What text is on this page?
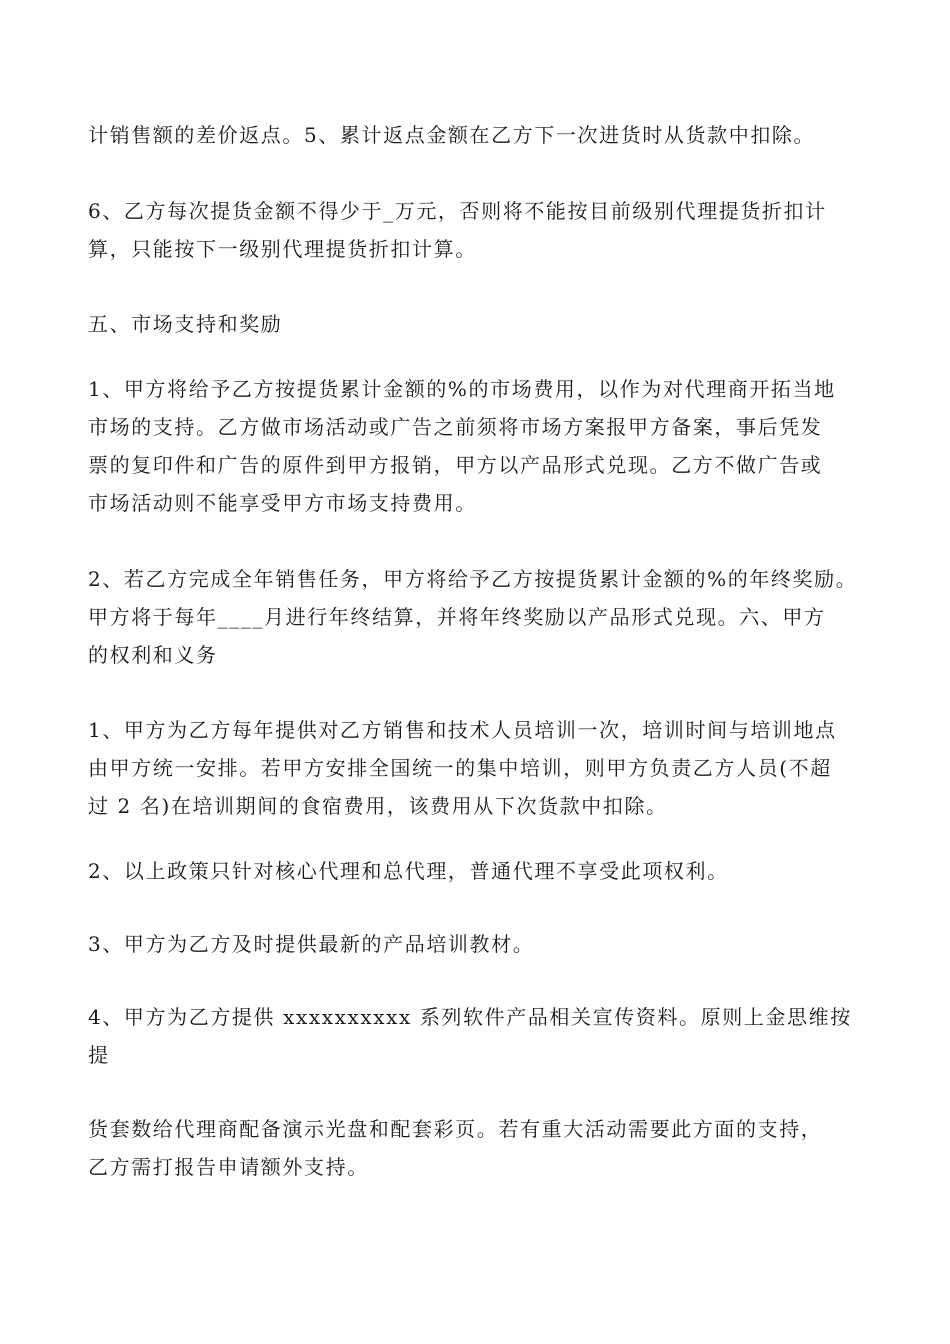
计销售额的差价返点。5、累计返点金额在乙方下一次进货时从货款中扣除。

6、乙方每次提货金额不得少于_万元，否则将不能按目前级别代理提货折扣计
算，只能按下一级别代理提货折扣计算。

五、市场支持和奖励

1、甲方将给予乙方按提货累计金额的%的市场费用，以作为对代理商开拓当地
市场的支持。乙方做市场活动或广告之前须将市场方案报甲方备案，事后凭发
票的复印件和广告的原件到甲方报销，甲方以产品形式兑现。乙方不做广告或
市场活动则不能享受甲方市场支持费用。

2、若乙方完成全年销售任务，甲方将给予乙方按提货累计金额的%的年终奖励。
甲方将于每年____月进行年终结算，并将年终奖励以产品形式兑现。六、甲方
的权利和义务

1、甲方为乙方每年提供对乙方销售和技术人员培训一次，培训时间与培训地点
由甲方统一安排。若甲方安排全国统一的集中培训，则甲方负责乙方人员(不超
过 2 名)在培训期间的食宿费用，该费用从下次货款中扣除。

2、以上政策只针对核心代理和总代理，普通代理不享受此项权利。

3、甲方为乙方及时提供最新的产品培训教材。

4、甲方为乙方提供 xxxxxxxxxx 系列软件产品相关宣传资料。原则上金思维按
提

货套数给代理商配备演示光盘和配套彩页。若有重大活动需要此方面的支持，
乙方需打报告申请额外支持。
